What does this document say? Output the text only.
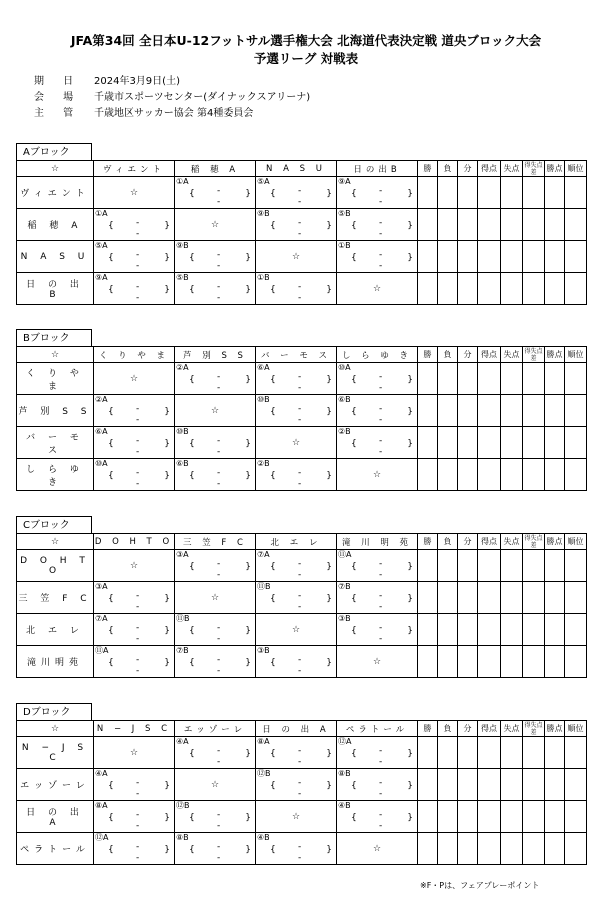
JFA第34回 全日本U-12フットサル選手権大会 北海道代表決定戦 道央ブロック大会
予選リーグ 対戦表
期 日 2024年3月9日(土)
会 場 千歳市スポーツセンター(ダイナックスアリーナ)
主 管 千歳地区サッカー協会 第4種委員会
Aブロック
☆	ヴィエント	稲 穂 A	N A S U	日の出B	勝	負	分	得点	失点	得失点差	勝点	順位
ヴィエント	☆	①A
{ -
-
}	⑤A
{ -
-
}	⑨A
{ -
-
}								

稲 穂 A	①A
{ -
-
}	☆	⑨B
{ -
-
}	⑤B
{ -
-
}								

N A S U	⑤A
{ -
-
}	⑨B
{ -
-
}	☆	①B
{ -
-
}								

日 の 出 B	⑨A
{ -
-
}	⑤B
{ -
-
}	①B
{ -
-
}	☆								
Bブロック
☆	く り や ま	芦 別 S S	バ ー モ ス	し ら ゆ き	勝	負	分	得点	失点	得失点差	勝点	順位
く り や ま	☆	②A
{ -
-
}	⑥A
{ -
-
}	⑩A
{ -
-
}								

芦 別 S S	②A
{ -
-
}	☆	⑩B
{ -
-
}	⑥B
{ -
-
}								

バ ー モ ス	⑥A
{ -
-
}	⑩B
{ -
-
}	☆	②B
{ -
-
}								

し ら ゆ き	⑩A
{ -
-
}	⑥B
{ -
-
}	②B
{ -
-
}	☆								
Cブロック
☆	D O H T O	三 笠 F C	北 エ レ	滝 川 明 苑	勝	負	分	得点	失点	得失点差	勝点	順位
D O H T O	☆	③A
{ -
-
}	⑦A
{ -
-
}	⑪A
{ -
-
}								

三 笠 F C	③A
{ -
-
}	☆	⑪B
{ -
-
}	⑦B
{ -
-
}								

北 エ レ	⑦A
{ -
-
}	⑪B
{ -
-
}	☆	③B
{ -
-
}								

滝川明苑	⑪A
{ -
-
}	⑦B
{ -
-
}	③B
{ -
-
}	☆								
Dブロック
☆	N − J S C	エッゾーレ	日 の 出 A	ペラトール	勝	負	分	得点	失点	得失点差	勝点	順位
N − J S C	☆	④A
{ -
-
}	⑧A
{ -
-
}	⑫A
{ -
-
}								

エッゾーレ	④A
{ -
-
}	☆	⑫B
{ -
-
}	⑧B
{ -
-
}								

日 の 出 A	⑧A
{ -
-
}	⑫B
{ -
-
}	☆	④B
{ -
-
}								

ペラトール	⑫A
{ -
-
}	⑧B
{ -
-
}	④B
{ -
-
}	☆								
※F・Pは、フェアプレーポイント
